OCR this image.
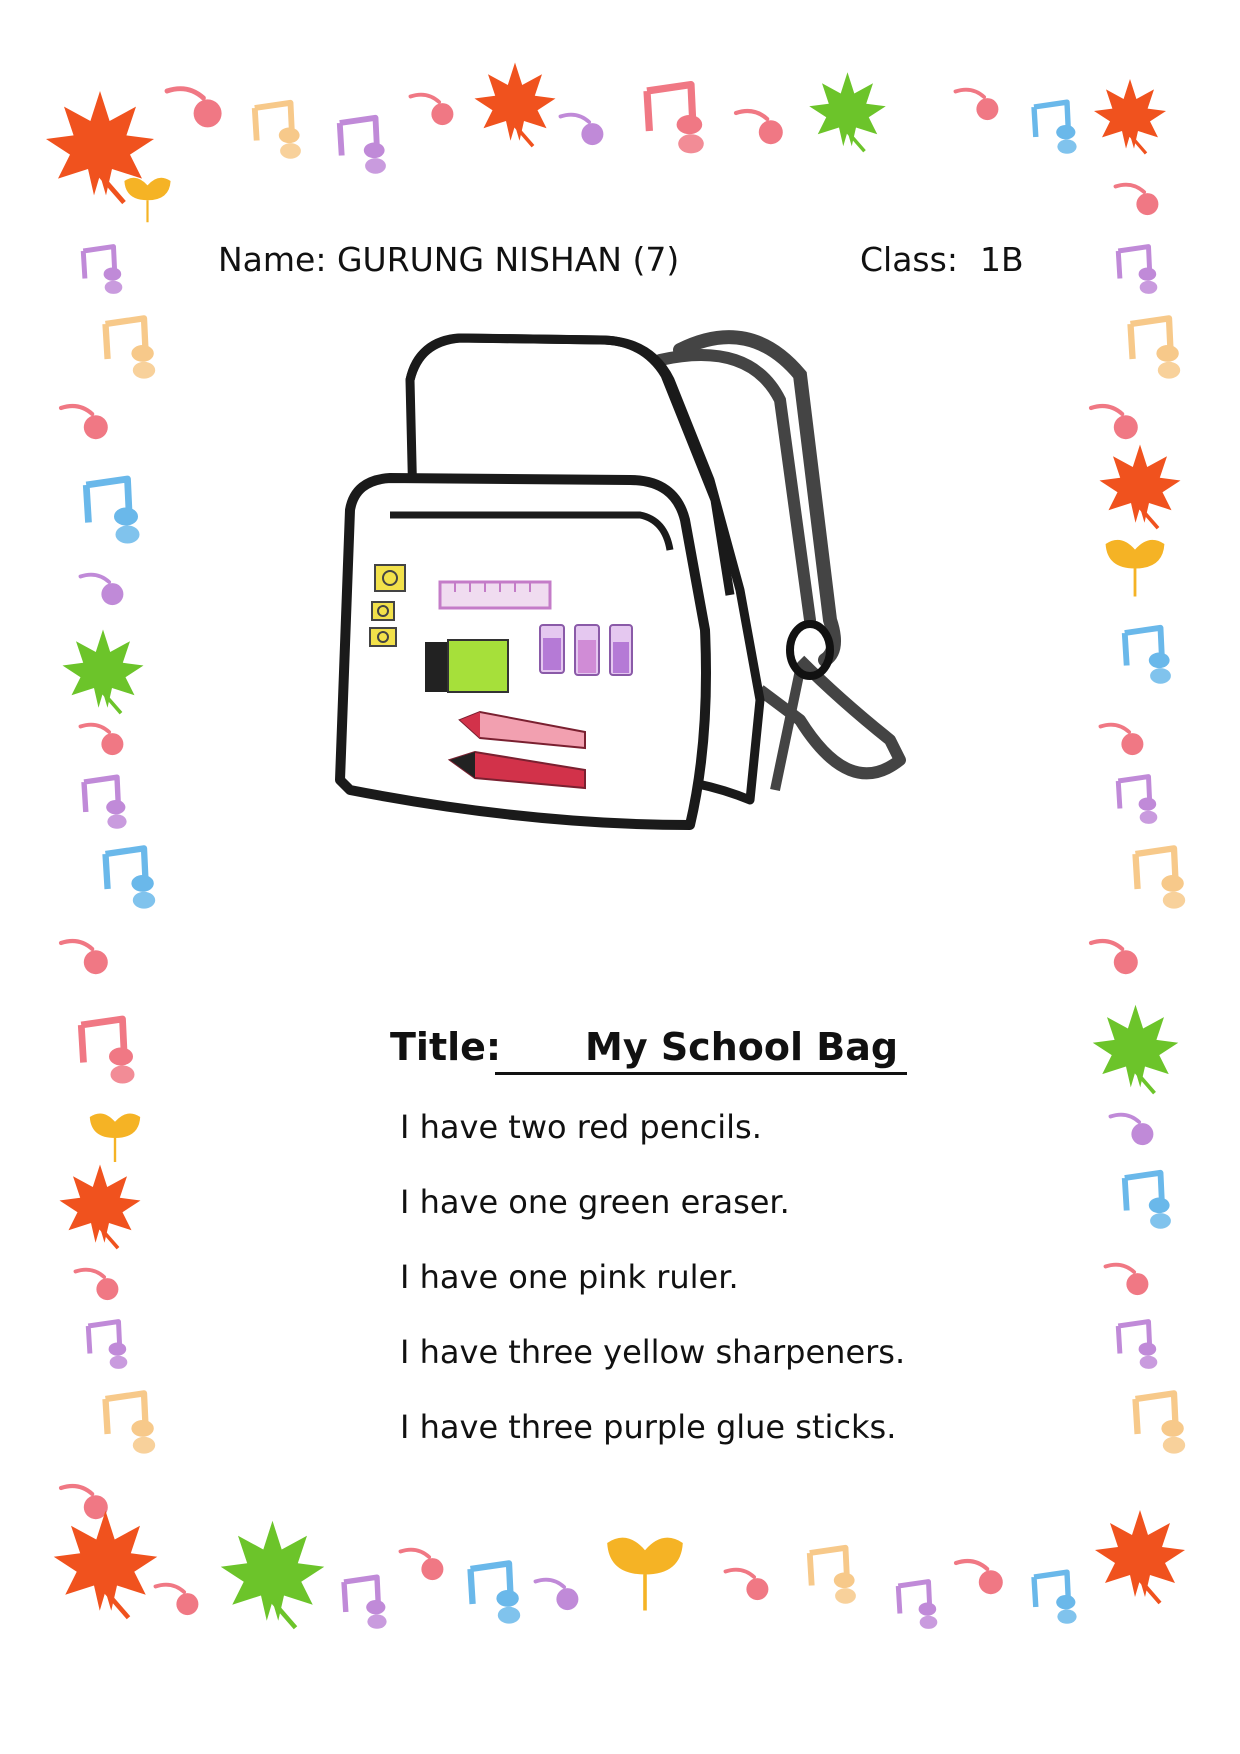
Name: GURUNG NISHAN (7)	Class: 1B
Title: My School Bag
I have two red pencils.
I have one green eraser.
I have one pink ruler.
I have three yellow sharpeners.
I have three purple glue sticks.
